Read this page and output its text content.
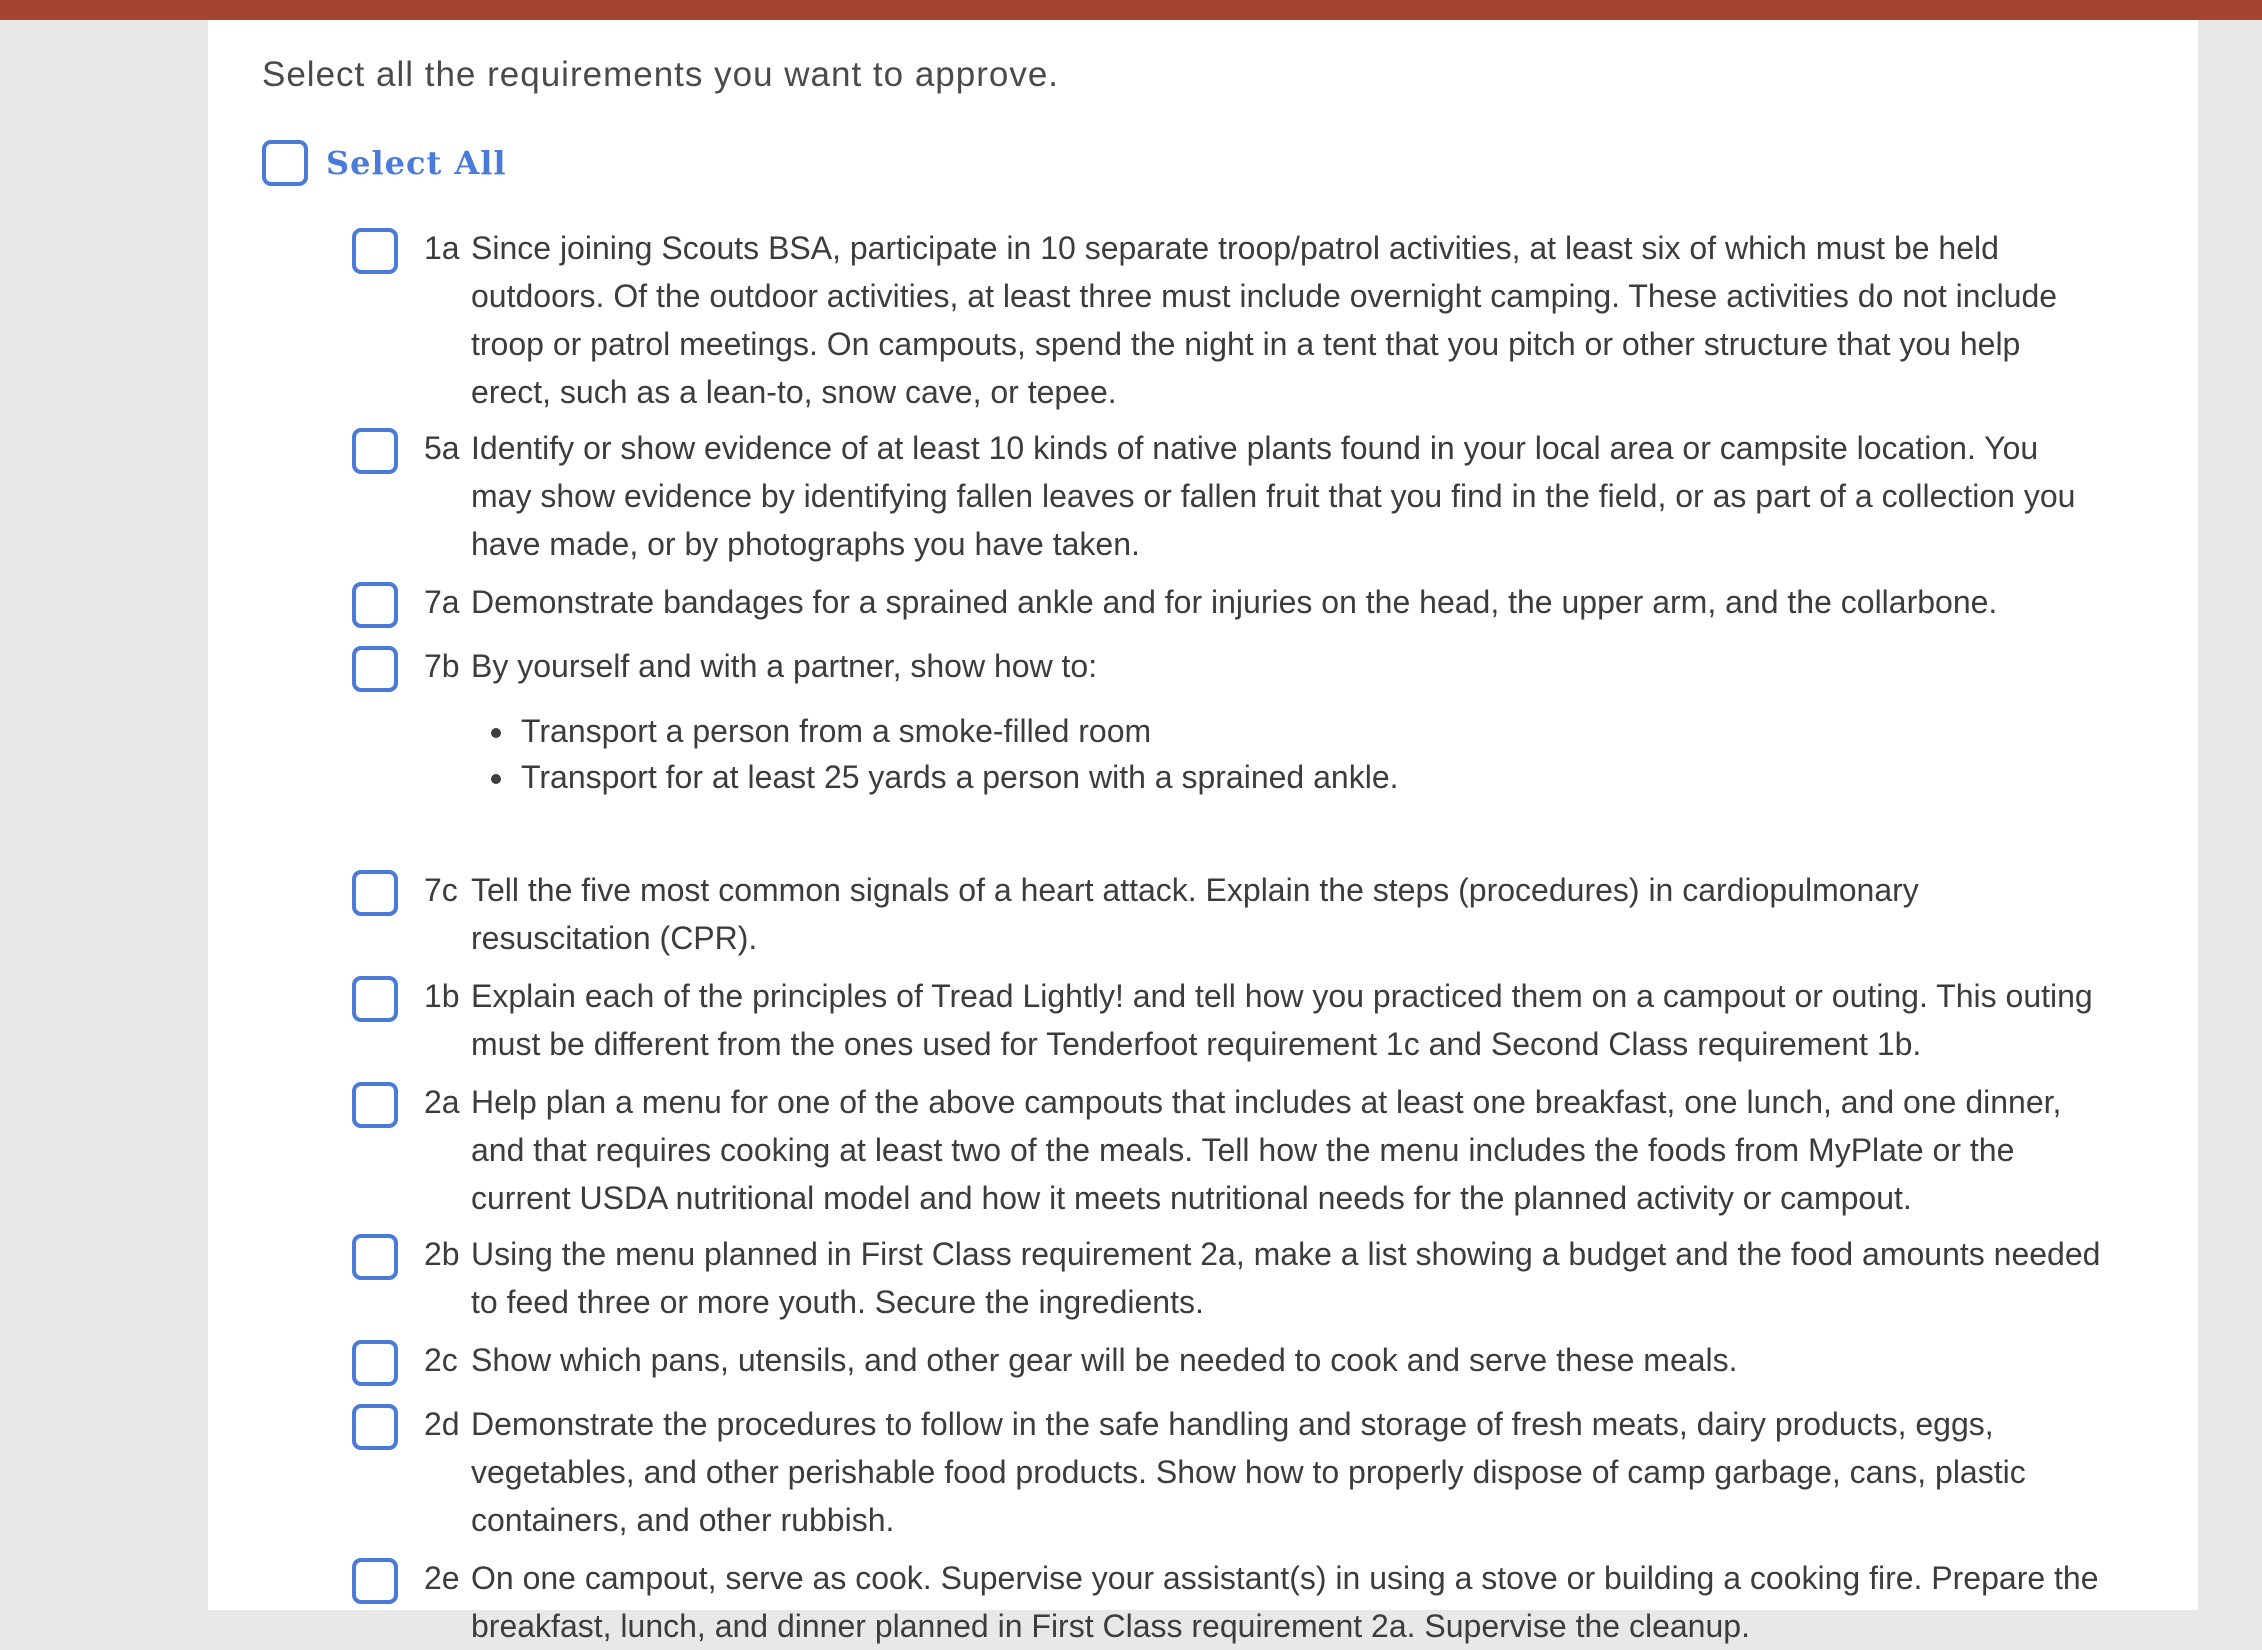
Select all the requirements you want to approve.
Select All
1a Since joining Scouts BSA, participate in 10 separate troop/patrol activities, at least six of which must be held outdoors. Of the outdoor activities, at least three must include overnight camping. These activities do not include troop or patrol meetings. On campouts, spend the night in a tent that you pitch or other structure that you help erect, such as a lean-to, snow cave, or tepee.
5a Identify or show evidence of at least 10 kinds of native plants found in your local area or campsite location. You may show evidence by identifying fallen leaves or fallen fruit that you find in the field, or as part of a collection you have made, or by photographs you have taken.
7a Demonstrate bandages for a sprained ankle and for injuries on the head, the upper arm, and the collarbone.
7b By yourself and with a partner, show how to:
• Transport a person from a smoke-filled room
• Transport for at least 25 yards a person with a sprained ankle.
7c Tell the five most common signals of a heart attack. Explain the steps (procedures) in cardiopulmonary resuscitation (CPR).
1b Explain each of the principles of Tread Lightly! and tell how you practiced them on a campout or outing. This outing must be different from the ones used for Tenderfoot requirement 1c and Second Class requirement 1b.
2a Help plan a menu for one of the above campouts that includes at least one breakfast, one lunch, and one dinner, and that requires cooking at least two of the meals. Tell how the menu includes the foods from MyPlate or the current USDA nutritional model and how it meets nutritional needs for the planned activity or campout.
2b Using the menu planned in First Class requirement 2a, make a list showing a budget and the food amounts needed to feed three or more youth. Secure the ingredients.
2c Show which pans, utensils, and other gear will be needed to cook and serve these meals.
2d Demonstrate the procedures to follow in the safe handling and storage of fresh meats, dairy products, eggs, vegetables, and other perishable food products. Show how to properly dispose of camp garbage, cans, plastic containers, and other rubbish.
2e On one campout, serve as cook. Supervise your assistant(s) in using a stove or building a cooking fire. Prepare the breakfast, lunch, and dinner planned in First Class requirement 2a. Supervise the cleanup.
